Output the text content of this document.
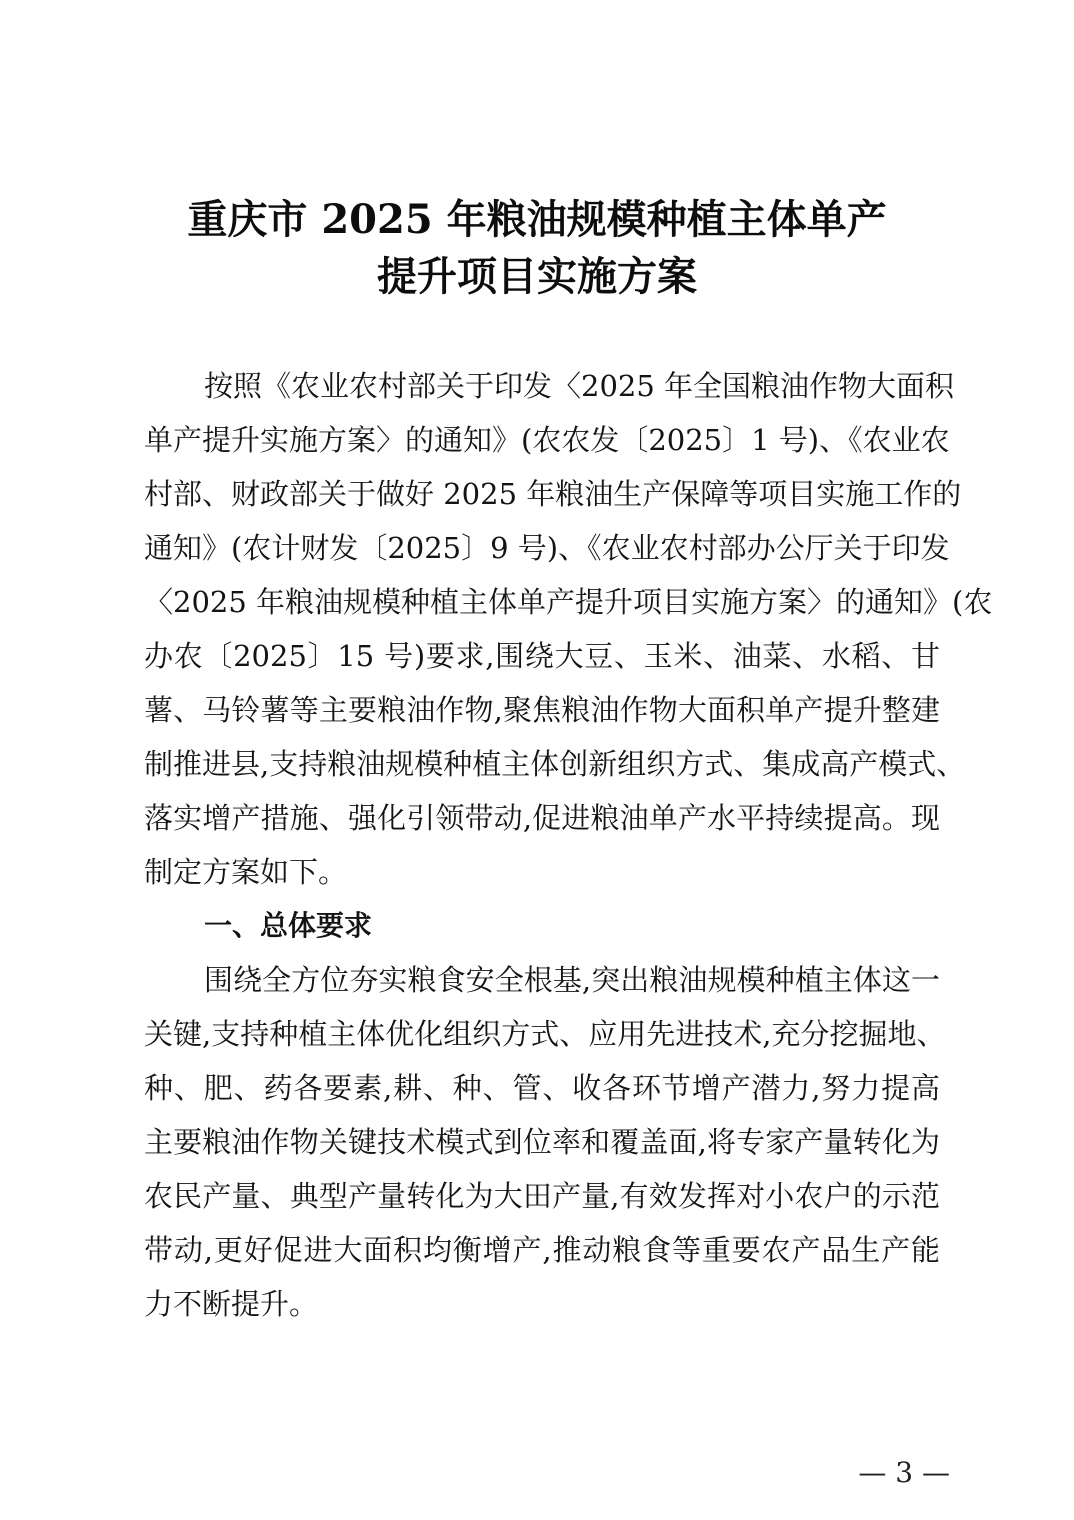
重庆市 2025 年粮油规模种植主体单产
提升项目实施方案
按照《农业农村部关于印发〈2025 年全国粮油作物大面积
单产提升实施方案〉的通知》(农农发〔2025〕1 号)、《农业农
村部、财政部关于做好 2025 年粮油生产保障等项目实施工作的
通知》(农计财发〔2025〕9 号)、《农业农村部办公厅关于印发
〈2025 年粮油规模种植主体单产提升项目实施方案〉的通知》(农
办农〔2025〕15 号)要求,围绕大豆、玉米、油菜、水稻、甘
薯、马铃薯等主要粮油作物,聚焦粮油作物大面积单产提升整建
制推进县,支持粮油规模种植主体创新组织方式、集成高产模式、
落实增产措施、强化引领带动,促进粮油单产水平持续提高。现
制定方案如下。
一、总体要求
围绕全方位夯实粮食安全根基,突出粮油规模种植主体这一
关键,支持种植主体优化组织方式、应用先进技术,充分挖掘地、
种、肥、药各要素,耕、种、管、收各环节增产潜力,努力提高
主要粮油作物关键技术模式到位率和覆盖面,将专家产量转化为
农民产量、典型产量转化为大田产量,有效发挥对小农户的示范
带动,更好促进大面积均衡增产,推动粮食等重要农产品生产能
力不断提升。
— 3 —
